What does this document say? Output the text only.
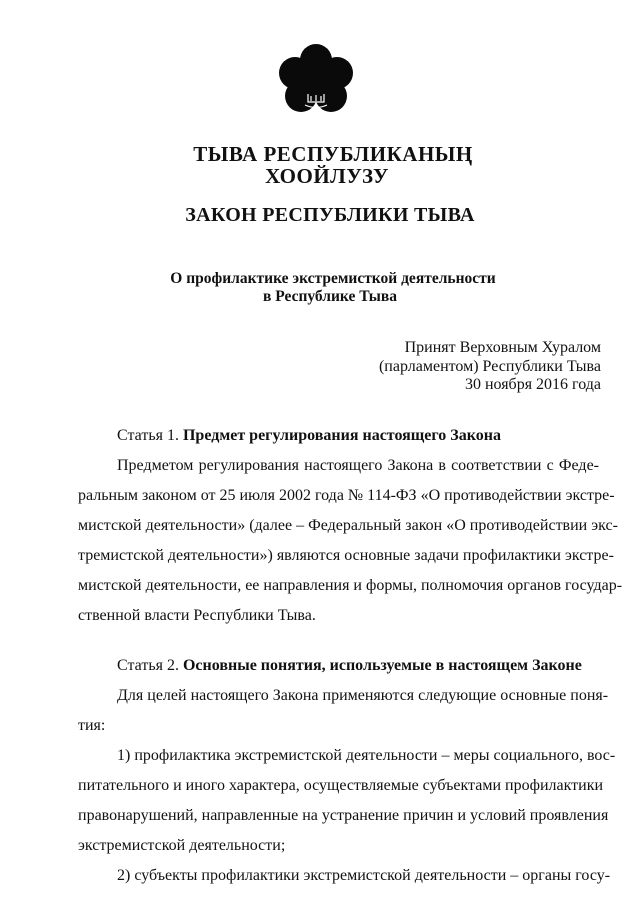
ТЫВА РЕСПУБЛИКАНЫҢ
ХООЙЛУЗУ
ЗАКОН РЕСПУБЛИКИ ТЫВА
О профилактике экстремисткой деятельности
в Республике Тыва
Принят Верховным Хуралом
(парламентом) Республики Тыва
30 ноября 2016 года
Статья 1. Предмет регулирования настоящего Закона
Предметом регулирования настоящего Закона в соответствии с Феде-
ральным законом от 25 июля 2002 года № 114-ФЗ «О противодействии экстре-
мистской деятельности» (далее – Федеральный закон «О противодействии экс-
тремистской деятельности») являются основные задачи профилактики экстре-
мистской деятельности, ее направления и формы, полномочия органов государ-
ственной власти Республики Тыва.
Статья 2. Основные понятия, используемые в настоящем Законе
Для целей настоящего Закона применяются следующие основные поня-
тия:
1) профилактика экстремистской деятельности – меры социального, вос-
питательного и иного характера, осуществляемые субъектами профилактики
правонарушений, направленные на устранение причин и условий проявления
экстремистской деятельности;
2) субъекты профилактики экстремистской деятельности – органы госу-
